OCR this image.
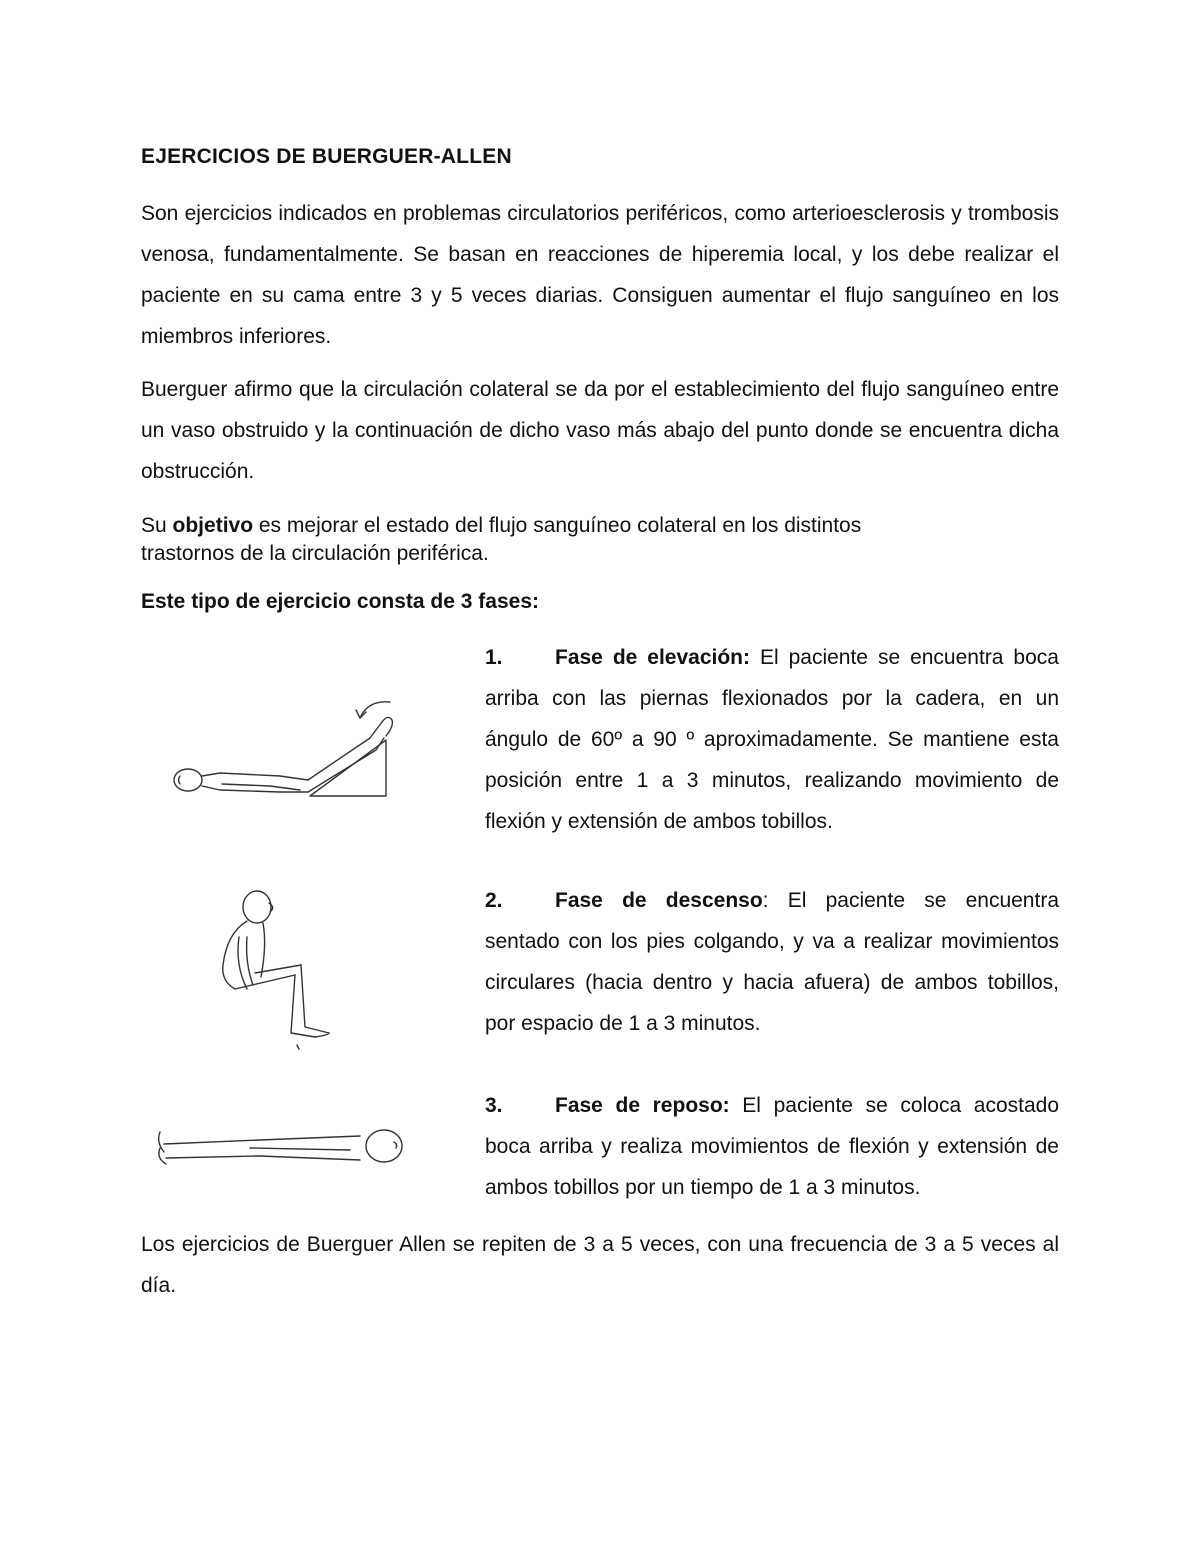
EJERCICIOS DE BUERGUER-ALLEN
Son ejercicios indicados en problemas circulatorios periféricos, como arterioesclerosis y trombosis venosa, fundamentalmente. Se basan en reacciones de hiperemia local, y los debe realizar el paciente en su cama entre 3 y 5 veces diarias. Consiguen aumentar el flujo sanguíneo en los miembros inferiores.
Buerguer afirmo que la circulación colateral se da por el establecimiento del flujo sanguíneo entre un vaso obstruido y la continuación de dicho vaso más abajo del punto donde se encuentra dicha obstrucción.
Su objetivo es mejorar el estado del flujo sanguíneo colateral en los distintos
trastornos de la circulación periférica.
Este tipo de ejercicio consta de 3 fases:
1. Fase de elevación: El paciente se encuentra boca arriba con las piernas flexionados por la cadera, en un ángulo de 60º a 90 º aproximadamente. Se mantiene esta posición entre 1 a 3 minutos, realizando movimiento de flexión y extensión de ambos tobillos.
2. Fase de descenso: El paciente se encuentra sentado con los pies colgando, y va a realizar movimientos circulares (hacia dentro y hacia afuera) de ambos tobillos, por espacio de 1 a 3 minutos.
3. Fase de reposo: El paciente se coloca acostado boca arriba y realiza movimientos de flexión y extensión de ambos tobillos por un tiempo de 1 a 3 minutos.
Los ejercicios de Buerguer Allen se repiten de 3 a 5 veces, con una frecuencia de 3 a 5 veces al día.
